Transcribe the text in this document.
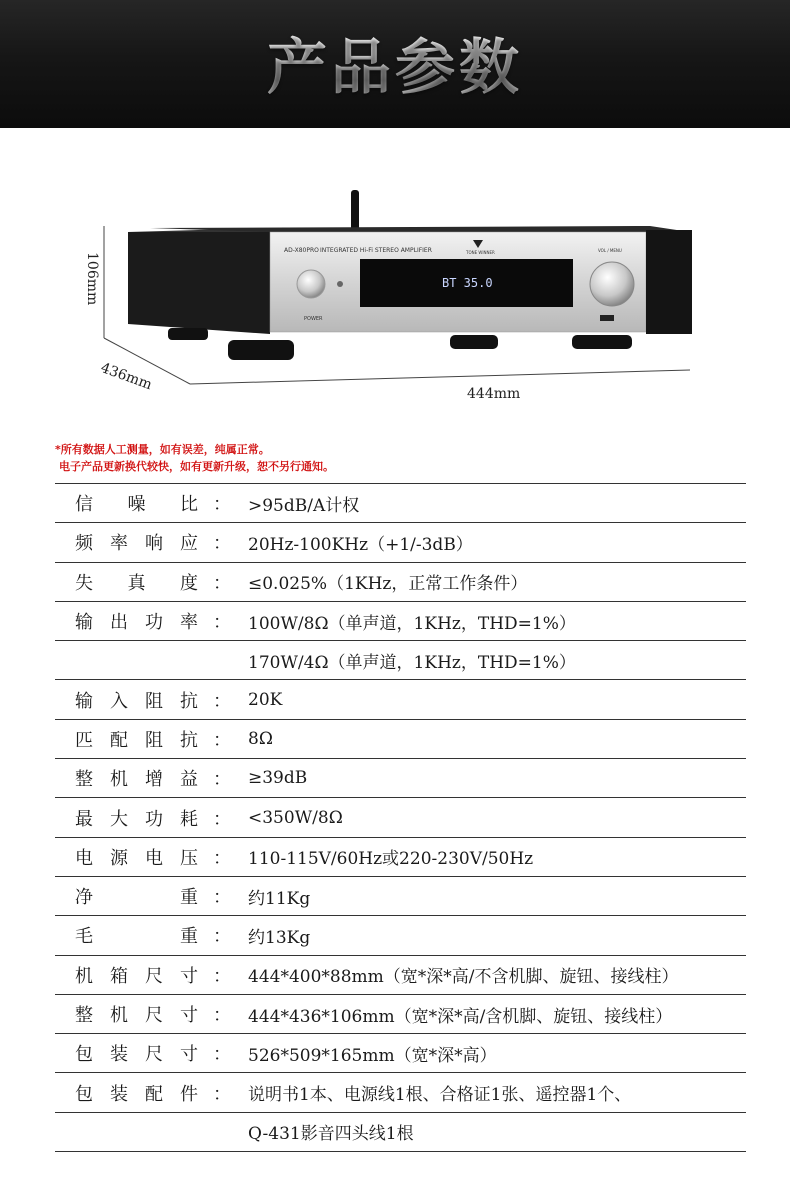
产品参数
AD-X80PRO INTEGRATED Hi-Fi STEREO AMPLIFIER	TONE WINNER	VOL / MENU
POWER
BT 35.0
106mm
436mm
444mm
*所有数据人工测量，如有误差，纯属正常。
电子产品更新换代较快，如有更新升级，恕不另行通知。
信 噪 比 ：	>95dB/A计权
频 率 响 应 ：	20Hz-100KHz（+1/-3dB）
失 真 度 ：	≤0.025%（1KHz，正常工作条件）
输 出 功 率 ：	100W/8Ω（单声道，1KHz，THD=1%）
170W/4Ω（单声道，1KHz，THD=1%）
输 入 阻 抗 ：	20K
匹 配 阻 抗 ：	8Ω
整 机 增 益 ：	≥39dB
最 大 功 耗 ：	<350W/8Ω
电 源 电 压 ：	110-115V/60Hz或220-230V/50Hz
净	重 ：	约11Kg
毛	重 ：	约13Kg
机 箱 尺 寸 ：	444*400*88mm（宽*深*高/不含机脚、旋钮、接线柱）
整 机 尺 寸 ：	444*436*106mm（宽*深*高/含机脚、旋钮、接线柱）
包 装 尺 寸 ：	526*509*165mm（宽*深*高）
包 装 配 件 ：	说明书1本、电源线1根、合格证1张、遥控器1个、
Q-431影音四头线1根
